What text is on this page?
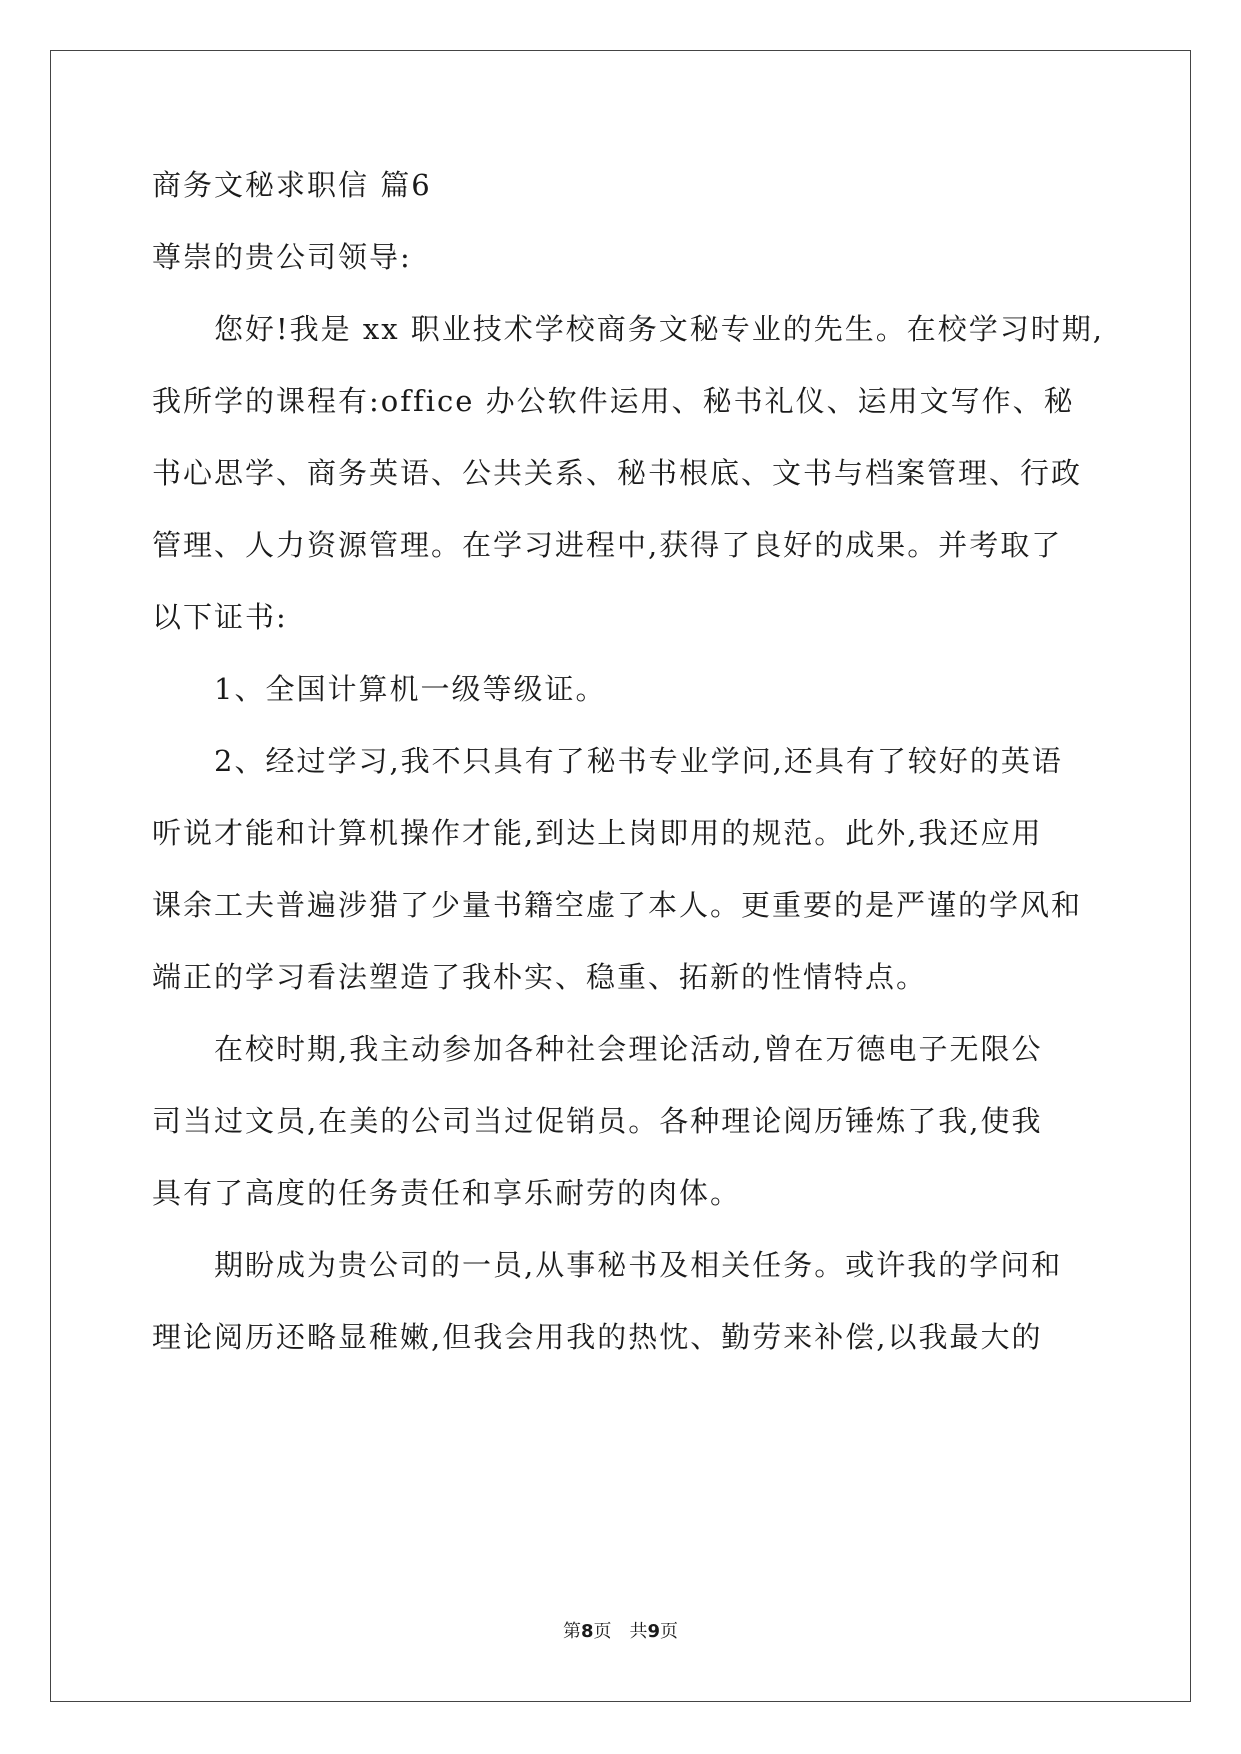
商务文秘求职信 篇6
尊崇的贵公司领导:
您好!我是 xx 职业技术学校商务文秘专业的先生。在校学习时期,
我所学的课程有:office 办公软件运用、秘书礼仪、运用文写作、秘
书心思学、商务英语、公共关系、秘书根底、文书与档案管理、行政
管理、人力资源管理。在学习进程中,获得了良好的成果。并考取了
以下证书:
1、全国计算机一级等级证。
2、经过学习,我不只具有了秘书专业学问,还具有了较好的英语
听说才能和计算机操作才能,到达上岗即用的规范。此外,我还应用
课余工夫普遍涉猎了少量书籍空虚了本人。更重要的是严谨的学风和
端正的学习看法塑造了我朴实、稳重、拓新的性情特点。
在校时期,我主动参加各种社会理论活动,曾在万德电子无限公
司当过文员,在美的公司当过促销员。各种理论阅历锤炼了我,使我
具有了高度的任务责任和享乐耐劳的肉体。
期盼成为贵公司的一员,从事秘书及相关任务。或许我的学问和
理论阅历还略显稚嫩,但我会用我的热忱、勤劳来补偿,以我最大的
第8页 共9页
